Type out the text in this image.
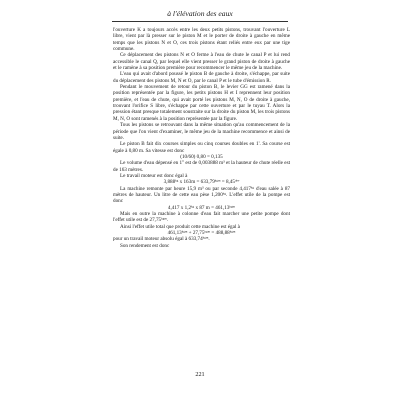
à l'élévation des eaux

l'ouverture K a toujours accès entre les deux petits pistons, trouvant l'ouverture L libre, vient par là presser sur le piston M et le porter de droite à gauche en même temps que les pistons N et O, ces trois pistons étant reliés entre eux par une tige commune.

Ce déplacement des pistons N et O ferme à l'eau de chute le canal P et lui rend accessible le canal Q, par lequel elle vient presser le grand piston de droite à gauche et le ramène à sa position première pour recommencer le même jeu de la machine.

L'eau qui avait d'abord poussé le piston B de gauche à droite, s'échappe, par suite du déplacement des pistons M, N et O, par le canal P et le tube d'émission R.

Pendant le mouvement de retour du piston B, le levier GG est ramené dans la position représentée par la figure, les petits pistons H et I reprennent leur position première, et l'eau de chute, qui avait porté les pistons M, N, O de droite à gauche, trouvant l'orifice S libre, s'échappe par cette ouverture et par le tuyau T. Alors la pression étant presque totalement soustraite sur la droite du piston M, les trois pistons M, N, O sont ramenés à la position représentée par la figure.

Tous les pistons se retrouvant dans la même situation qu'au commencement de la période que l'on vient d'examiner, le même jeu de la machine recommence et ainsi de suite.

Le piston B fait dix courses simples ou cinq courses doubles en 1'. Sa course est égale à 0,80 m. Sa vitesse est donc

(10/60) 0,80 = 0,135

Le volume d'eau dépensé en 1'' est de 0,003888 m³ et la hauteur de chute réelle est de 163 mètres.

Le travail moteur est donc égal à

3,888ᵏᵍ x 163m = 633,79ᵏᵍᵐ = 8,45ᵈᵉᵛ

La machine remonte par heure 15,9 m³ ou par seconde 4,417ᵏᵍ d'eau salée à 87 mètres de hauteur. Un litre de cette eau pèse 1,200ᵏᵍ. L'effet utile de la pompe est donc

4,417 x 1,2ᵏᵍ x 87 m = 461,13ᵏᵍᵐ

Mais en outre la machine à colonne d'eau fait marcher une petite pompe dont l'effet utile est de 27,75ᵏᵍᵐ.

Ainsi l'effet utile total que produit cette machine est égal à

461,13ᵏᵍᵐ + 27,75ᵏᵍᵐ = 488,88ᵏᵍᵐ

pour un travail moteur absolu égal à 633,74ᵏᵍᵐ.

Son rendement est donc

221
